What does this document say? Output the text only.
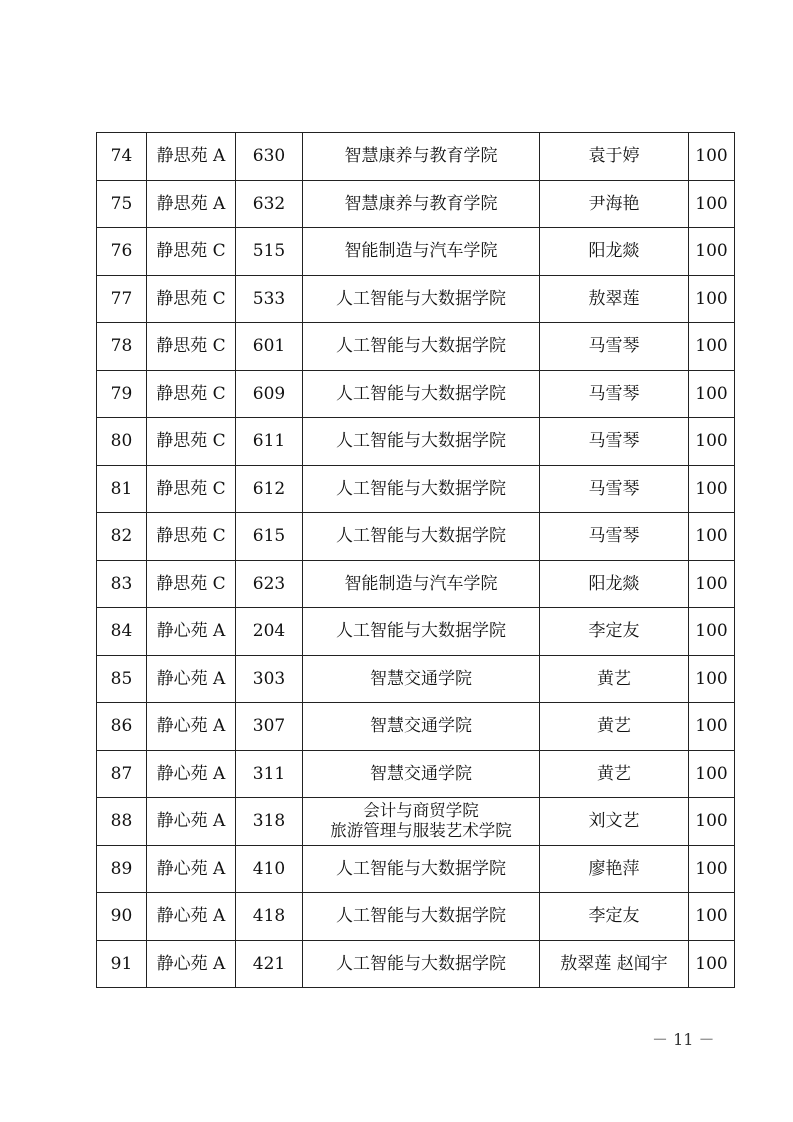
74	静思苑 A	630	智慧康养与教育学院	袁于婷	100
75	静思苑 A	632	智慧康养与教育学院	尹海艳	100
76	静思苑 C	515	智能制造与汽车学院	阳龙燚	100
77	静思苑 C	533	人工智能与大数据学院	敖翠莲	100
78	静思苑 C	601	人工智能与大数据学院	马雪琴	100
79	静思苑 C	609	人工智能与大数据学院	马雪琴	100
80	静思苑 C	611	人工智能与大数据学院	马雪琴	100
81	静思苑 C	612	人工智能与大数据学院	马雪琴	100
82	静思苑 C	615	人工智能与大数据学院	马雪琴	100
83	静思苑 C	623	智能制造与汽车学院	阳龙燚	100
84	静心苑 A	204	人工智能与大数据学院	李定友	100
85	静心苑 A	303	智慧交通学院	黄艺	100
86	静心苑 A	307	智慧交通学院	黄艺	100
87	静心苑 A	311	智慧交通学院	黄艺	100
88	静心苑 A	318	会计与商贸学院
旅游管理与服装艺术学院	刘文艺	100
89	静心苑 A	410	人工智能与大数据学院	廖艳萍	100
90	静心苑 A	418	人工智能与大数据学院	李定友	100
91	静心苑 A	421	人工智能与大数据学院	敖翠莲 赵闻宇	100
－ 11 －
